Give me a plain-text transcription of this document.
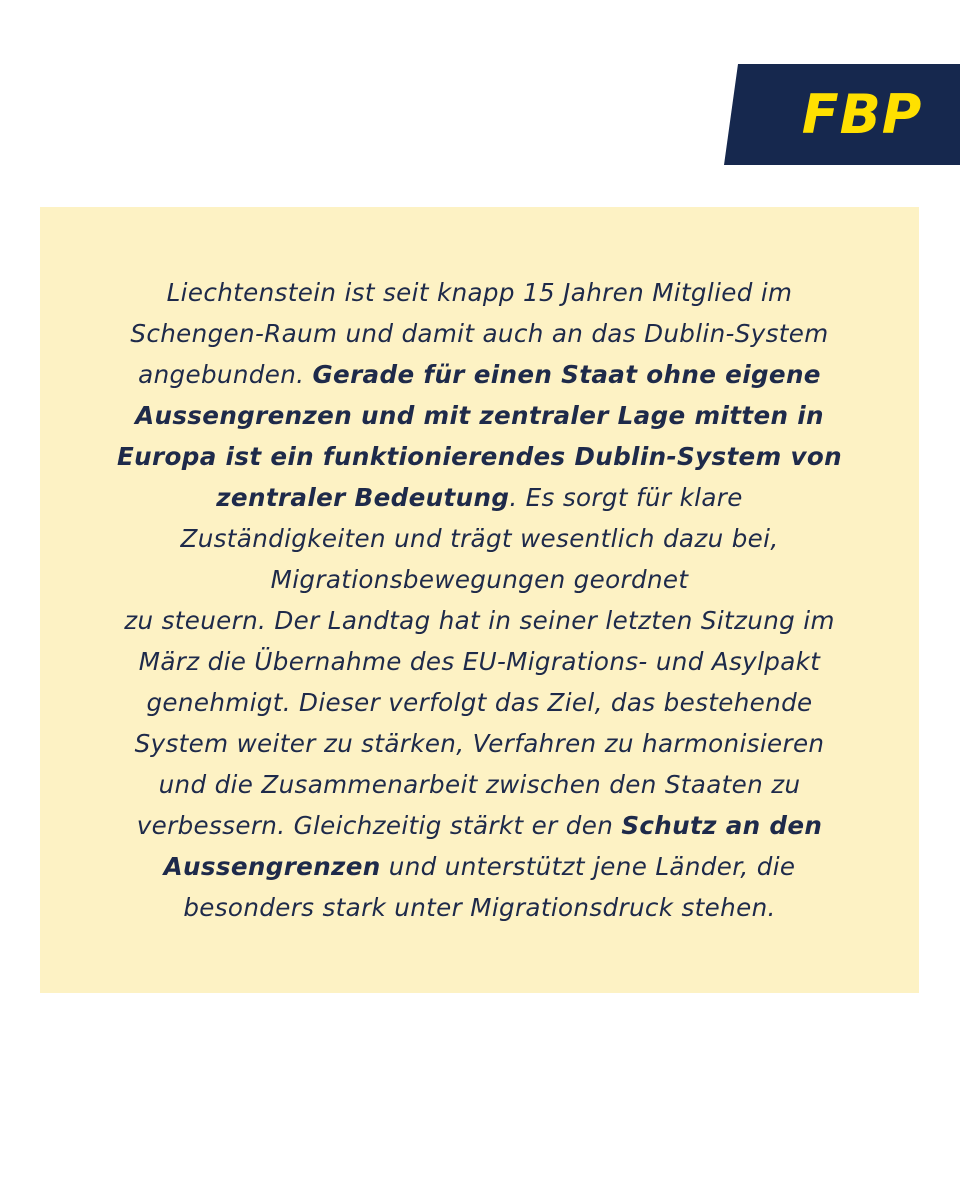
FBP

Liechtenstein ist seit knapp 15 Jahren Mitglied im
Schengen-Raum und damit auch an das Dublin-System
angebunden. Gerade für einen Staat ohne eigene
Aussengrenzen und mit zentraler Lage mitten in
Europa ist ein funktionierendes Dublin-System von
zentraler Bedeutung. Es sorgt für klare
Zuständigkeiten und trägt wesentlich dazu bei,
Migrationsbewegungen geordnet
zu steuern. Der Landtag hat in seiner letzten Sitzung im
März die Übernahme des EU-Migrations- und Asylpakt
genehmigt. Dieser verfolgt das Ziel, das bestehende
System weiter zu stärken, Verfahren zu harmonisieren
und die Zusammenarbeit zwischen den Staaten zu
verbessern. Gleichzeitig stärkt er den Schutz an den
Aussengrenzen und unterstützt jene Länder, die
besonders stark unter Migrationsdruck stehen.
